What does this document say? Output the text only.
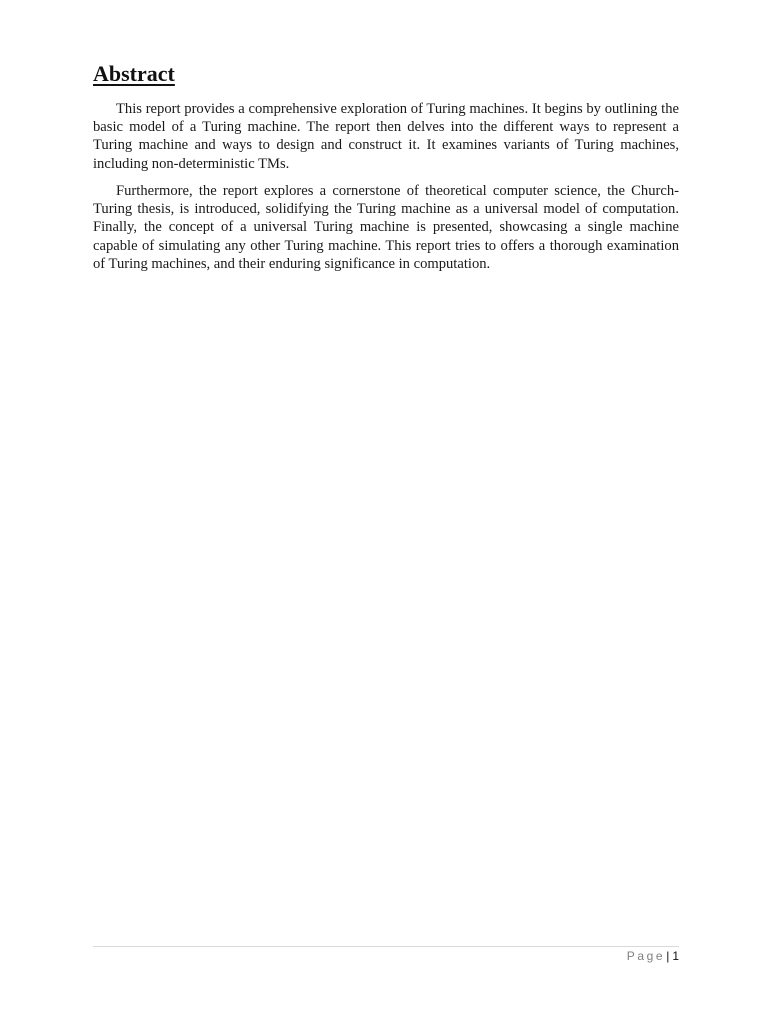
Abstract

This report provides a comprehensive exploration of Turing machines. It begins by outlining the basic model of a Turing machine. The report then delves into the different ways to represent a Turing machine and ways to design and construct it. It examines variants of Turing machines, including non-deterministic TMs.

Furthermore, the report explores a cornerstone of theoretical computer science, the Church-Turing thesis, is introduced, solidifying the Turing machine as a universal model of computation. Finally, the concept of a universal Turing machine is presented, showcasing a single machine capable of simulating any other Turing machine. This report tries to offers a thorough examination of Turing machines, and their enduring significance in computation.

Page| 1
